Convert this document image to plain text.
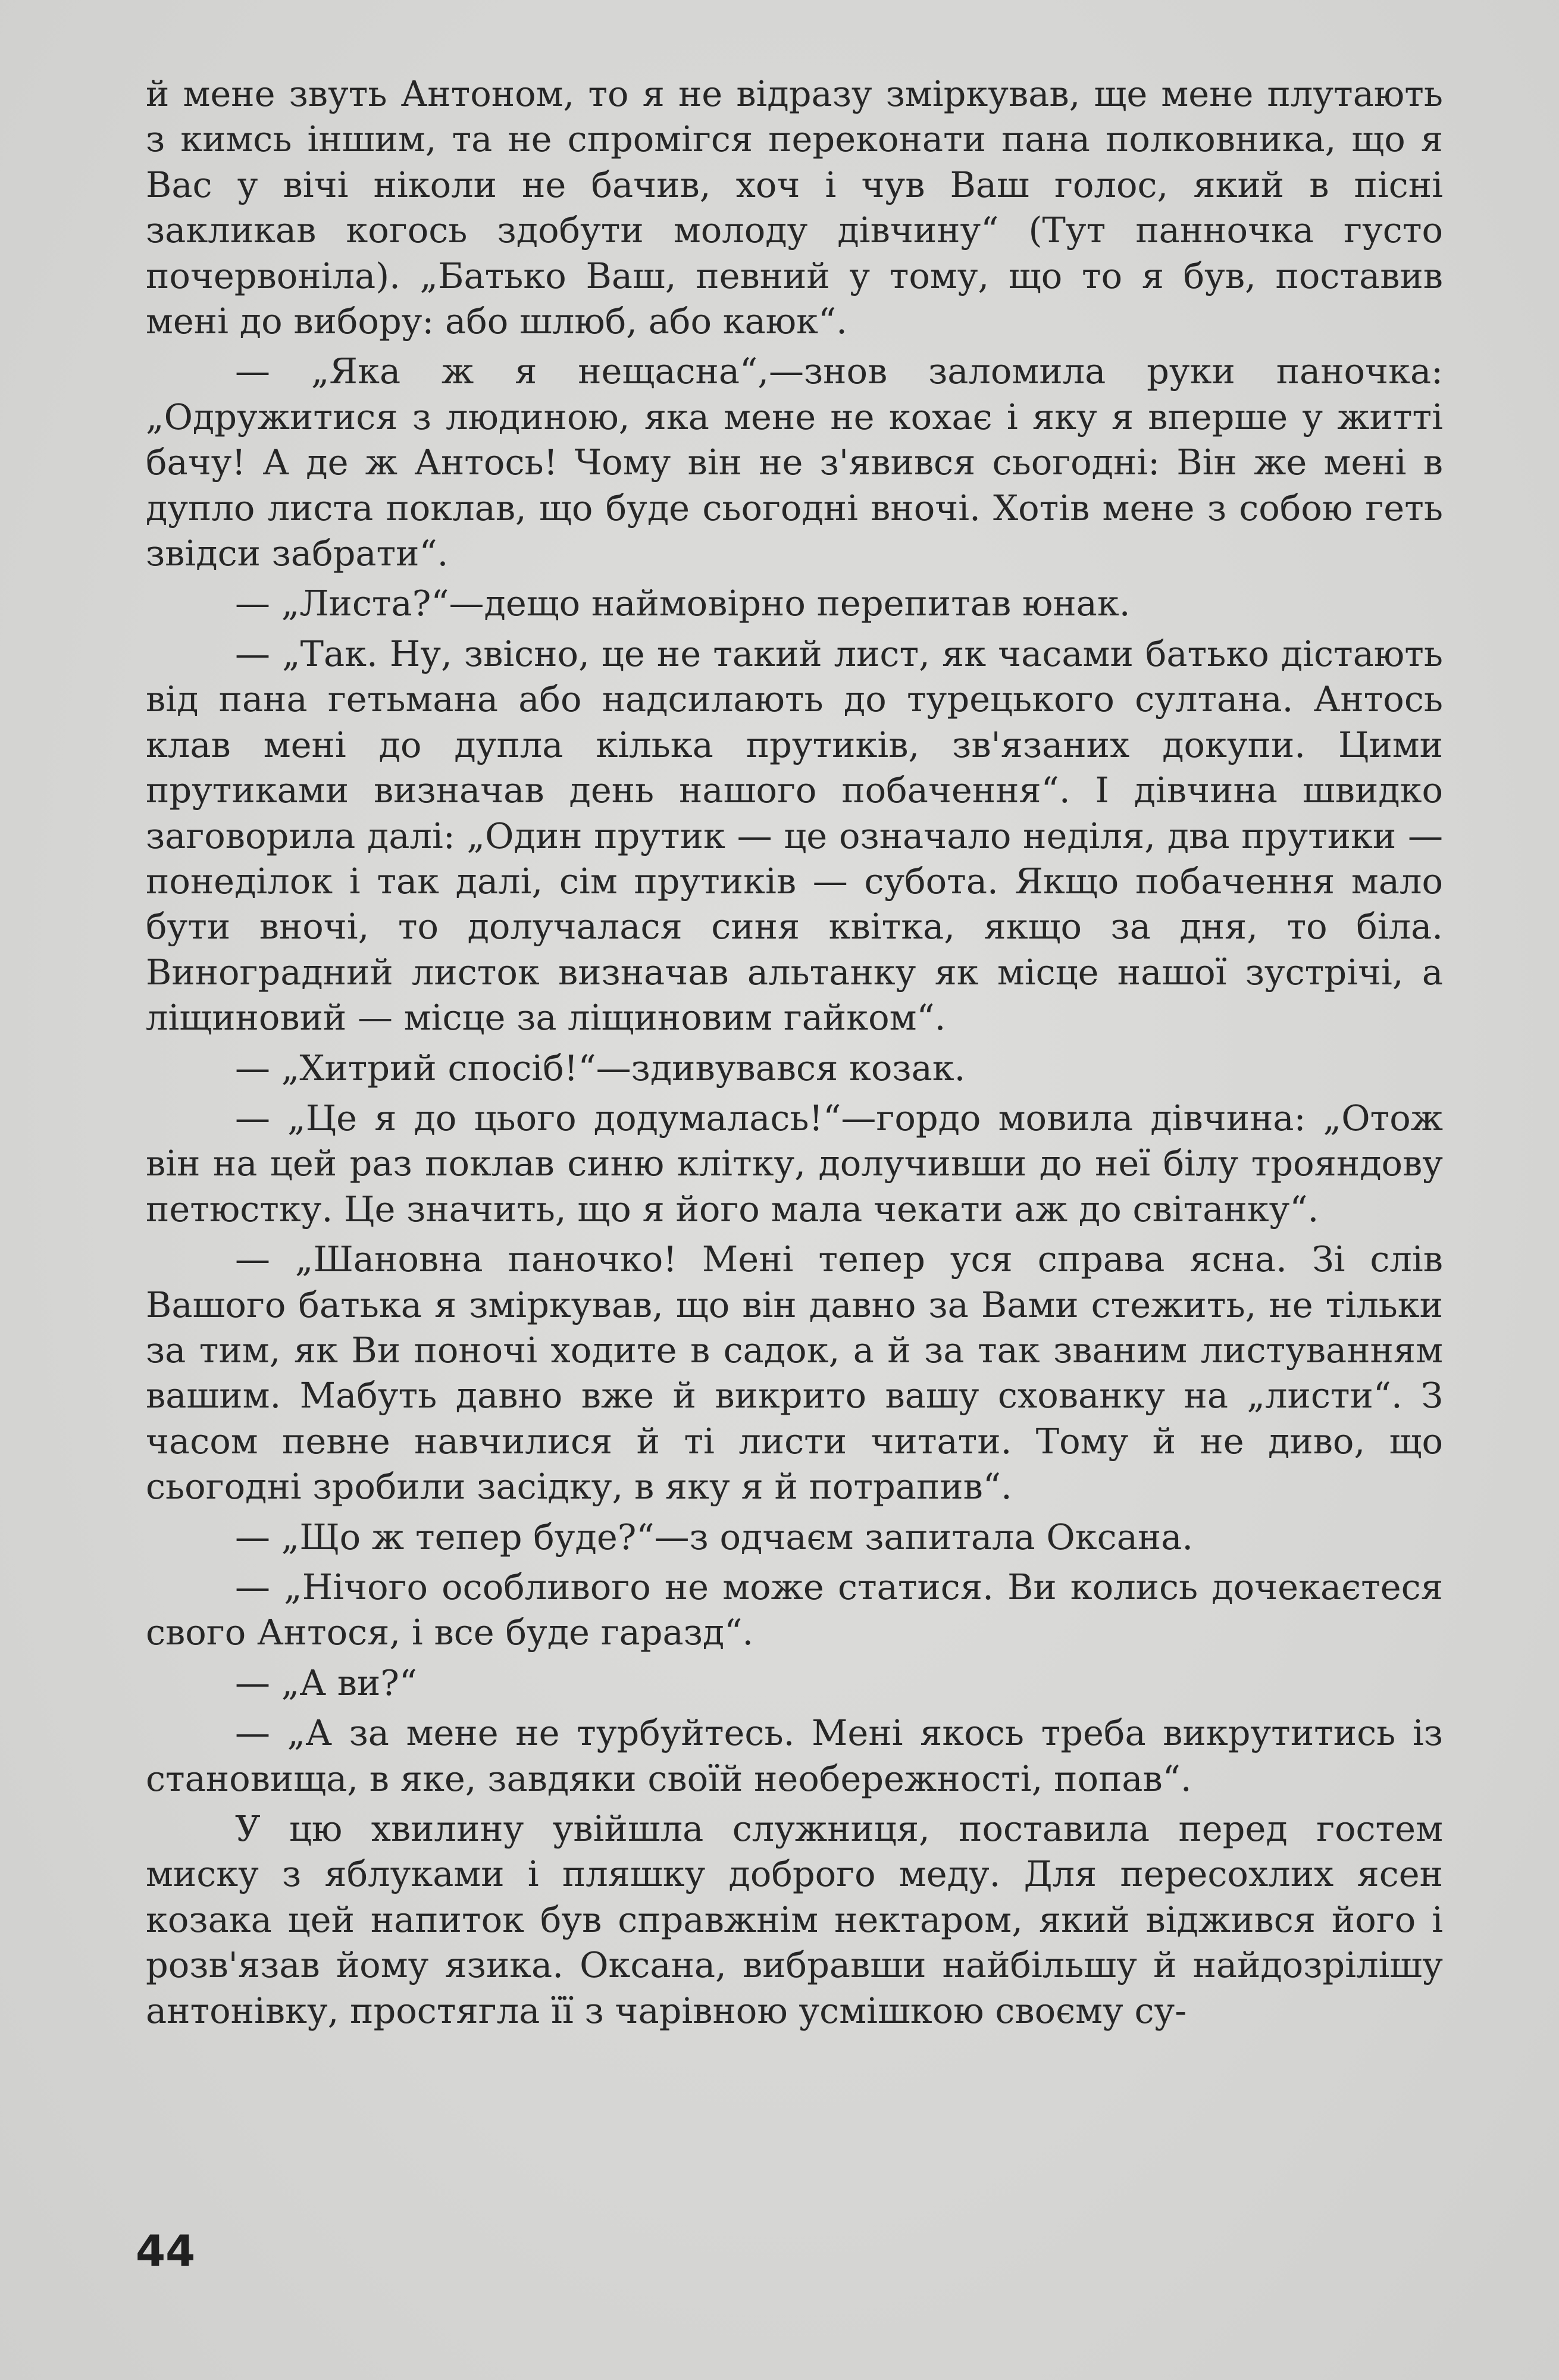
й мене звуть Антоном, то я не відразу зміркував, ще мене плутають з кимсь іншим, та не спромігся переконати пана полковника, що я Вас у вічі ніколи не бачив, хоч і чув Ваш голос, який в пісні закликав когось здобути молоду дівчину“ (Тут панночка густо почервоніла). „Батько Ваш, певний у тому, що то я був, поставив мені до вибору: або шлюб, або каюк“.

— „Яка ж я нещасна“,—знов заломила руки паночка: „Одружитися з людиною, яка мене не кохає і яку я вперше у житті бачу! А де ж Антось! Чому він не з'явився сьогодні: Він же мені в дупло листа поклав, що буде сьогодні вночі. Хотів мене з собою геть звідси забрати“.

— „Листа?“—дещо наймовірно перепитав юнак.

— „Так. Ну, звісно, це не такий лист, як часами батько дістають від пана гетьмана або надсилають до турецького султана. Антось клав мені до дупла кілька прутиків, зв'язаних докупи. Цими прутиками визначав день нашого побачення“. І дівчина швидко заговорила далі: „Один прутик — це означало неділя, два прутики — понеділок і так далі, сім прутиків — субота. Якщо побачення мало бути вночі, то долучалася синя квітка, якщо за дня, то біла. Виноградний листок визначав альтанку як місце нашої зустрічі, а ліщиновий — місце за ліщиновим гайком“.

— „Хитрий спосіб!“—здивувався козак.

— „Це я до цього додумалась!“—гордо мовила дівчина: „Отож він на цей раз поклав синю клітку, долучивши до неї білу трояндову петюстку. Це значить, що я його мала чекати аж до світанку“.

— „Шановна паночко! Мені тепер уся справа ясна. Зі слів Вашого батька я зміркував, що він давно за Вами стежить, не тільки за тим, як Ви поночі ходите в садок, а й за так званим листуванням вашим. Мабуть давно вже й викрито вашу схованку на „листи“. З часом певне навчилися й ті листи читати. Тому й не диво, що сьогодні зробили засідку, в яку я й потрапив“.

— „Що ж тепер буде?“—з одчаєм запитала Оксана.

— „Нічого особливого не може статися. Ви колись дочекаєтеся свого Антося, і все буде гаразд“.

— „А ви?“

— „А за мене не турбуйтесь. Мені якось треба викрутитись із становища, в яке, завдяки своїй необережності, попав“.

У цю хвилину увійшла служниця, поставила перед гостем миску з яблуками і пляшку доброго меду. Для пересохлих ясен козака цей напиток був справжнім нектаром, який віджився його і розв'язав йому язика. Оксана, вибравши найбільшу й найдозрілішу антонівку, простягла її з чарівною усмішкою своєму су-

44
